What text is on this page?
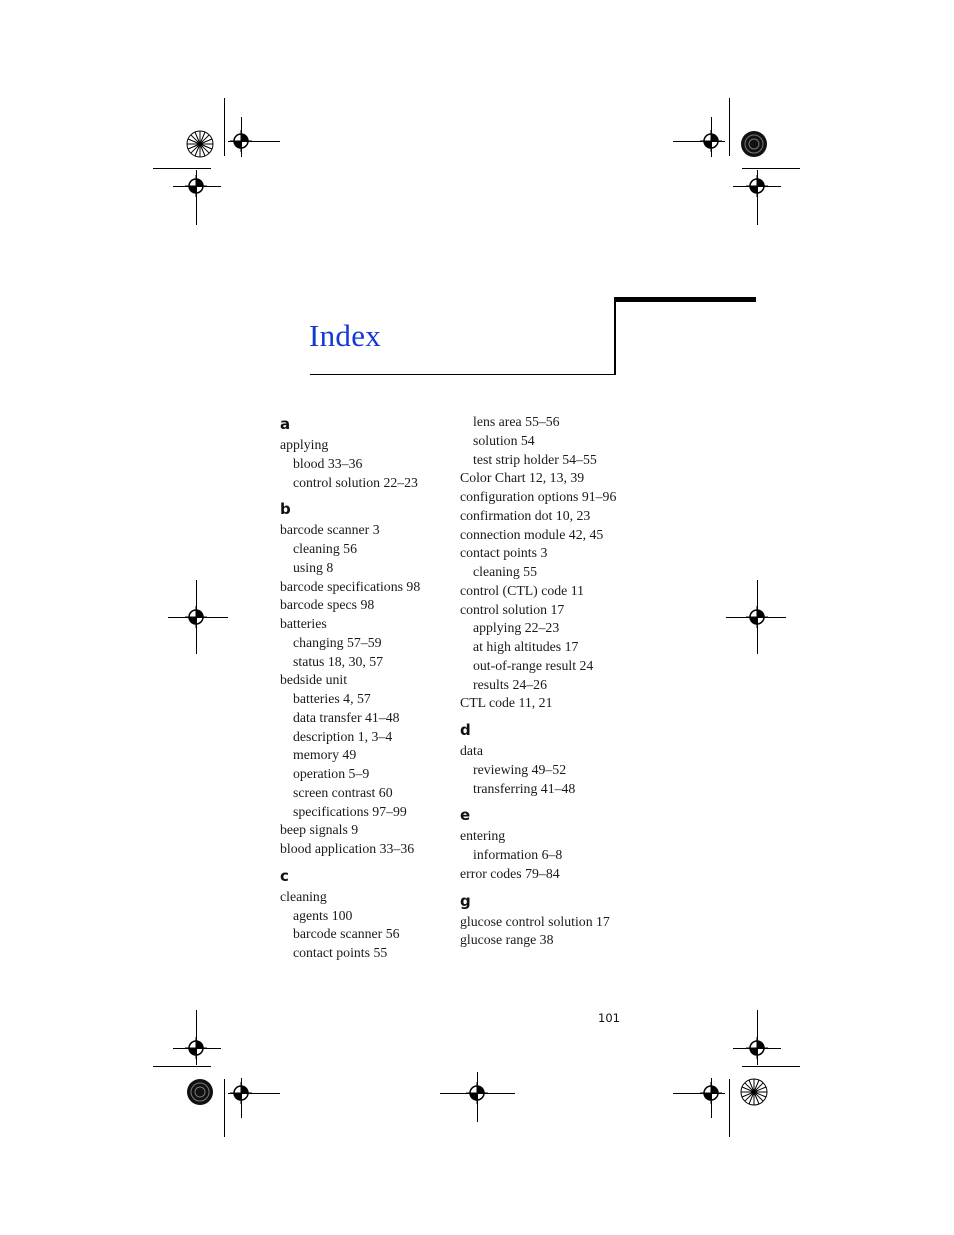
Index
a
applying
blood 33–36
control solution 22–23
b
barcode scanner 3
cleaning 56
using 8
barcode specifications 98
barcode specs 98
batteries
changing 57–59
status 18, 30, 57
bedside unit
batteries 4, 57
data transfer 41–48
description 1, 3–4
memory 49
operation 5–9
screen contrast 60
specifications 97–99
beep signals 9
blood application 33–36
c
cleaning
agents 100
barcode scanner 56
contact points 55
lens area 55–56
solution 54
test strip holder 54–55
Color Chart 12, 13, 39
configuration options 91–96
confirmation dot 10, 23
connection module 42, 45
contact points 3
cleaning 55
control (CTL) code 11
control solution 17
applying 22–23
at high altitudes 17
out-of-range result 24
results 24–26
CTL code 11, 21
d
data
reviewing 49–52
transferring 41–48
e
entering
information 6–8
error codes 79–84
g
glucose control solution 17
glucose range 38
101
